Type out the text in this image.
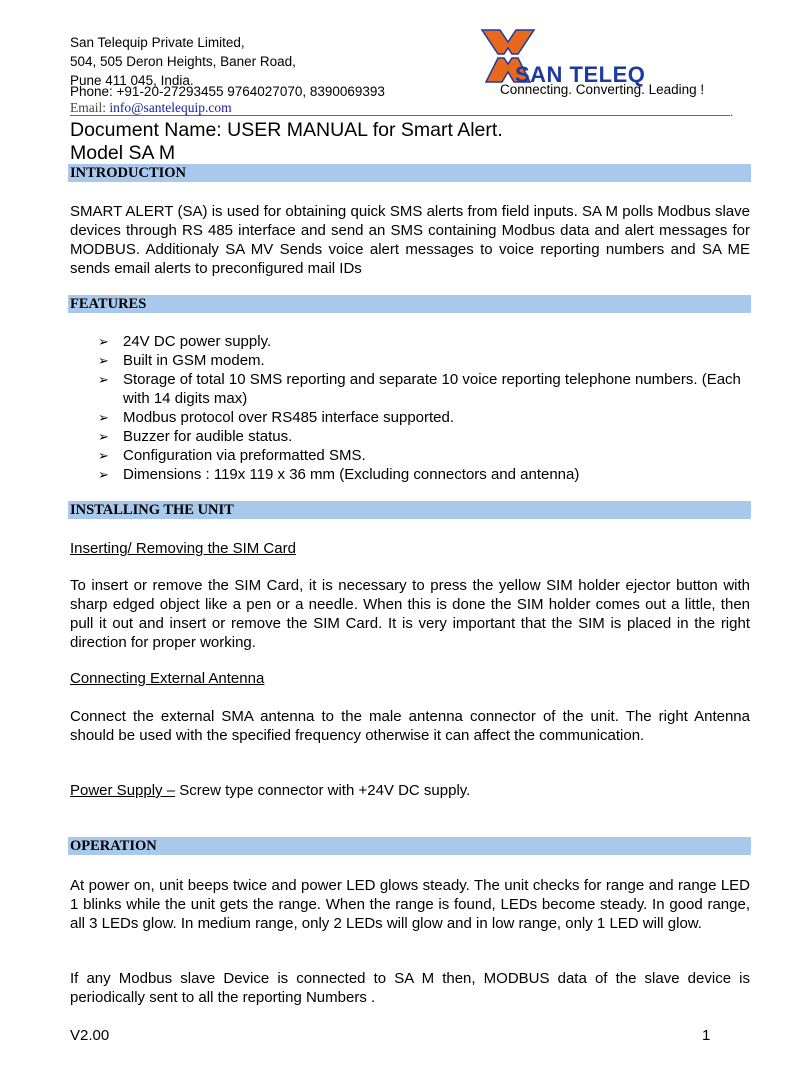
San Telequip Private Limited,
504, 505 Deron Heights, Baner Road,
Pune 411 045, India.
Phone: +91-20-27293455 9764027070, 8390069393	Connecting. Converting. Leading !
Email: info@santelequip.com	.
SAN TELEQ
Document Name: USER MANUAL for Smart Alert.
Model SA M
INTRODUCTION
SMART ALERT (SA) is used for obtaining quick SMS alerts from field inputs. SA M polls Modbus slave devices through RS 485 interface and send an SMS containing Modbus data and alert messages for MODBUS. Additionaly SA MV Sends voice alert messages to voice reporting numbers and SA ME sends email alerts to preconfigured mail IDs
FEATURES
➢ 24V DC power supply.
➢ Built in GSM modem.
➢ Storage of total 10 SMS reporting and separate 10 voice reporting telephone numbers. (Each with 14 digits max)
➢ Modbus protocol over RS485 interface supported.
➢ Buzzer for audible status.
➢ Configuration via preformatted SMS.
➢ Dimensions : 119x 119 x 36 mm (Excluding connectors and antenna)
INSTALLING THE UNIT
Inserting/ Removing the SIM Card
To insert or remove the SIM Card, it is necessary to press the yellow SIM holder ejector button with sharp edged object like a pen or a needle. When this is done the SIM holder comes out a little, then pull it out and insert or remove the SIM Card. It is very important that the SIM is placed in the right direction for proper working.
Connecting External Antenna
Connect the external SMA antenna to the male antenna connector of the unit. The right Antenna should be used with the specified frequency otherwise it can affect the communication.
Power Supply – Screw type connector with +24V DC supply.
OPERATION
At power on, unit beeps twice and power LED glows steady. The unit checks for range and range LED 1 blinks while the unit gets the range. When the range is found, LEDs become steady. In good range, all 3 LEDs glow. In medium range, only 2 LEDs will glow and in low range, only 1 LED will glow.
If any Modbus slave Device is connected to SA M then, MODBUS data of the slave device is periodically sent to all the reporting Numbers .
V2.00	1
